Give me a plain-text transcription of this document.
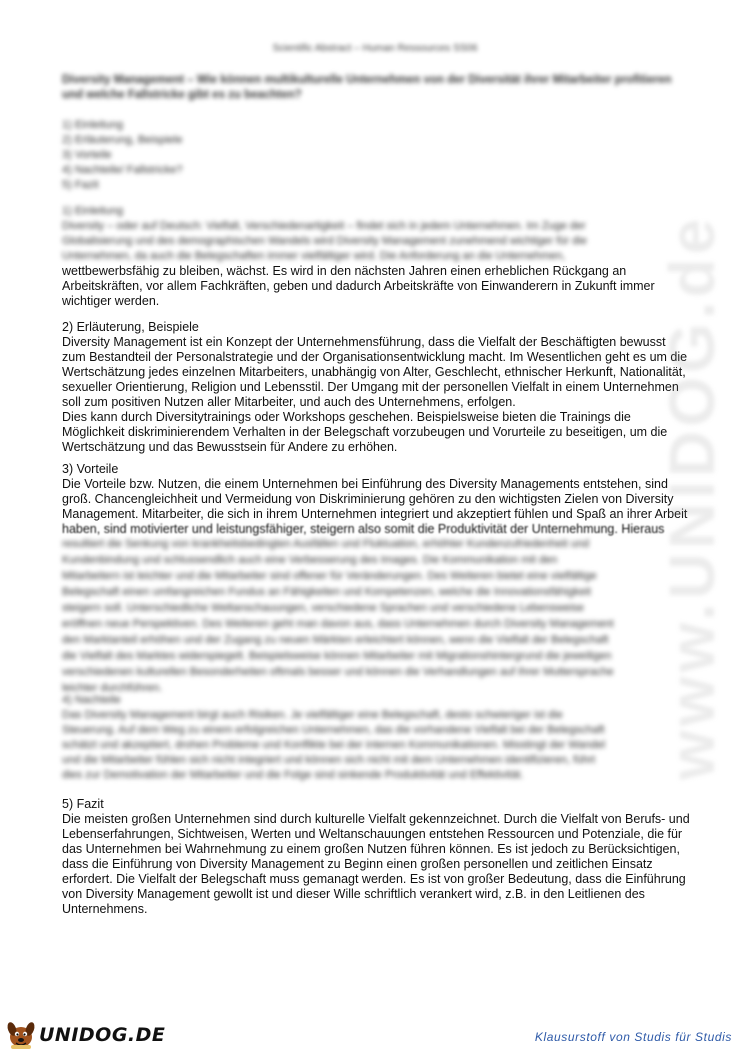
Scientific Abstract – Human Ressources SS06
Diversity Management – Wie können multikulturelle Unternehmen von der Diversität ihrer Mitarbeiter profitieren und welche Fallstricke gibt es zu beachten?
1) Einleitung
2) Erläuterung, Beispiele
3) Vorteile
4) Nachteile/ Fallstricke?
5) Fazit
1) Einleitung
Diversity – oder auf Deutsch: Vielfalt, Verschiedenartigkeit – findet sich in jedem Unternehmen. Im Zuge der
Globalisierung und des demographischen Wandels wird Diversity Management zunehmend wichtiger für die
Unternehmen, da auch die Belegschaften immer vielfältiger wird. Die Anforderung an die Unternehmen,
wettbewerbsfähig zu bleiben, wächst. Es wird in den nächsten Jahren einen erheblichen Rückgang an
Arbeitskräften, vor allem Fachkräften, geben und dadurch Arbeitskräfte von Einwanderern in Zukunft immer
wichtiger werden.
2) Erläuterung, Beispiele
Diversity Management ist ein Konzept der Unternehmensführung, dass die Vielfalt der Beschäftigten bewusst
zum Bestandteil der Personalstrategie und der Organisationsentwicklung macht. Im Wesentlichen geht es um die
Wertschätzung jedes einzelnen Mitarbeiters, unabhängig von Alter, Geschlecht, ethnischer Herkunft, Nationalität,
sexueller Orientierung, Religion und Lebensstil. Der Umgang mit der personellen Vielfalt in einem Unternehmen
soll zum positiven Nutzen aller Mitarbeiter, und auch des Unternehmens, erfolgen.
Dies kann durch Diversitytrainings oder Workshops geschehen. Beispielsweise bieten die Trainings die
Möglichkeit diskriminierendem Verhalten in der Belegschaft vorzubeugen und Vorurteile zu beseitigen, um die
Wertschätzung und das Bewusstsein für Andere zu erhöhen.
3) Vorteile
Die Vorteile bzw. Nutzen, die einem Unternehmen bei Einführung des Diversity Managements entstehen, sind
groß. Chancengleichheit und Vermeidung von Diskriminierung gehören zu den wichtigsten Zielen von Diversity
Management. Mitarbeiter, die sich in ihrem Unternehmen integriert und akzeptiert fühlen und Spaß an ihrer Arbeit
haben, sind motivierter und leistungsfähiger, steigern also somit die Produktivität der Unternehmung. Hieraus
resultiert die Senkung von krankheitsbedingten Ausfällen und Fluktuation, erhöhter Kundenzufriedenheit und
Kundenbindung und schlussendlich auch eine Verbesserung des Images. Die Kommunikation mit den
Mitarbeitern ist leichter und die Mitarbeiter sind offener für Veränderungen. Des Weiteren bietet eine vielfältige
Belegschaft einen umfangreichen Fundus an Fähigkeiten und Kompetenzen, welche die Innovationsfähigkeit
steigern soll. Unterschiedliche Weltanschauungen, verschiedene Sprachen und verschiedene Lebensweise
eröffnen neue Perspektiven. Des Weiteren geht man davon aus, dass Unternehmen durch Diversity Management
den Marktanteil erhöhen und der Zugang zu neuen Märkten erleichtert können, wenn die Vielfalt der Belegschaft
die Vielfalt des Marktes widerspiegelt. Beispielsweise können Mitarbeiter mit Migrationshintergrund die jeweiligen
verschiedenen kulturellen Besonderheiten oftmals besser und können die Verhandlungen auf ihrer Muttersprache
leichter durchführen.
4) Nachteile
Das Diversity Management birgt auch Risiken. Je vielfältiger eine Belegschaft, desto schwieriger ist die
Steuerung. Auf dem Weg zu einem erfolgreichen Unternehmen, das die vorhandene Vielfalt bei der Belegschaft
schätzt und akzeptiert, drohen Probleme und Konflikte bei der internen Kommunikationen. Misstingt der Wandel
und die Mitarbeiter fühlen sich nicht integriert und können sich nicht mit dem Unternehmen identifizieren, führt
dies zur Demotivation der Mitarbeiter und die Folge sind sinkende Produktivität und Effektivität.
5) Fazit
Die meisten großen Unternehmen sind durch kulturelle Vielfalt gekennzeichnet. Durch die Vielfalt von Berufs- und
Lebenserfahrungen, Sichtweisen, Werten und Weltanschauungen entstehen Ressourcen und Potenziale, die für
das Unternehmen bei Wahrnehmung zu einem großen Nutzen führen können. Es ist jedoch zu Berücksichtigen,
dass die Einführung von Diversity Management zu Beginn einen großen personellen und zeitlichen Einsatz
erfordert. Die Vielfalt der Belegschaft muss gemanagt werden. Es ist von großer Bedeutung, dass die Einführung
von Diversity Management gewollt ist und dieser Wille schriftlich verankert wird, z.B. in den Leitlienen des
Unternehmens.
www.UNIDOG.de
UNIDOG.DE	Klausurstoff von Studis für Studis
